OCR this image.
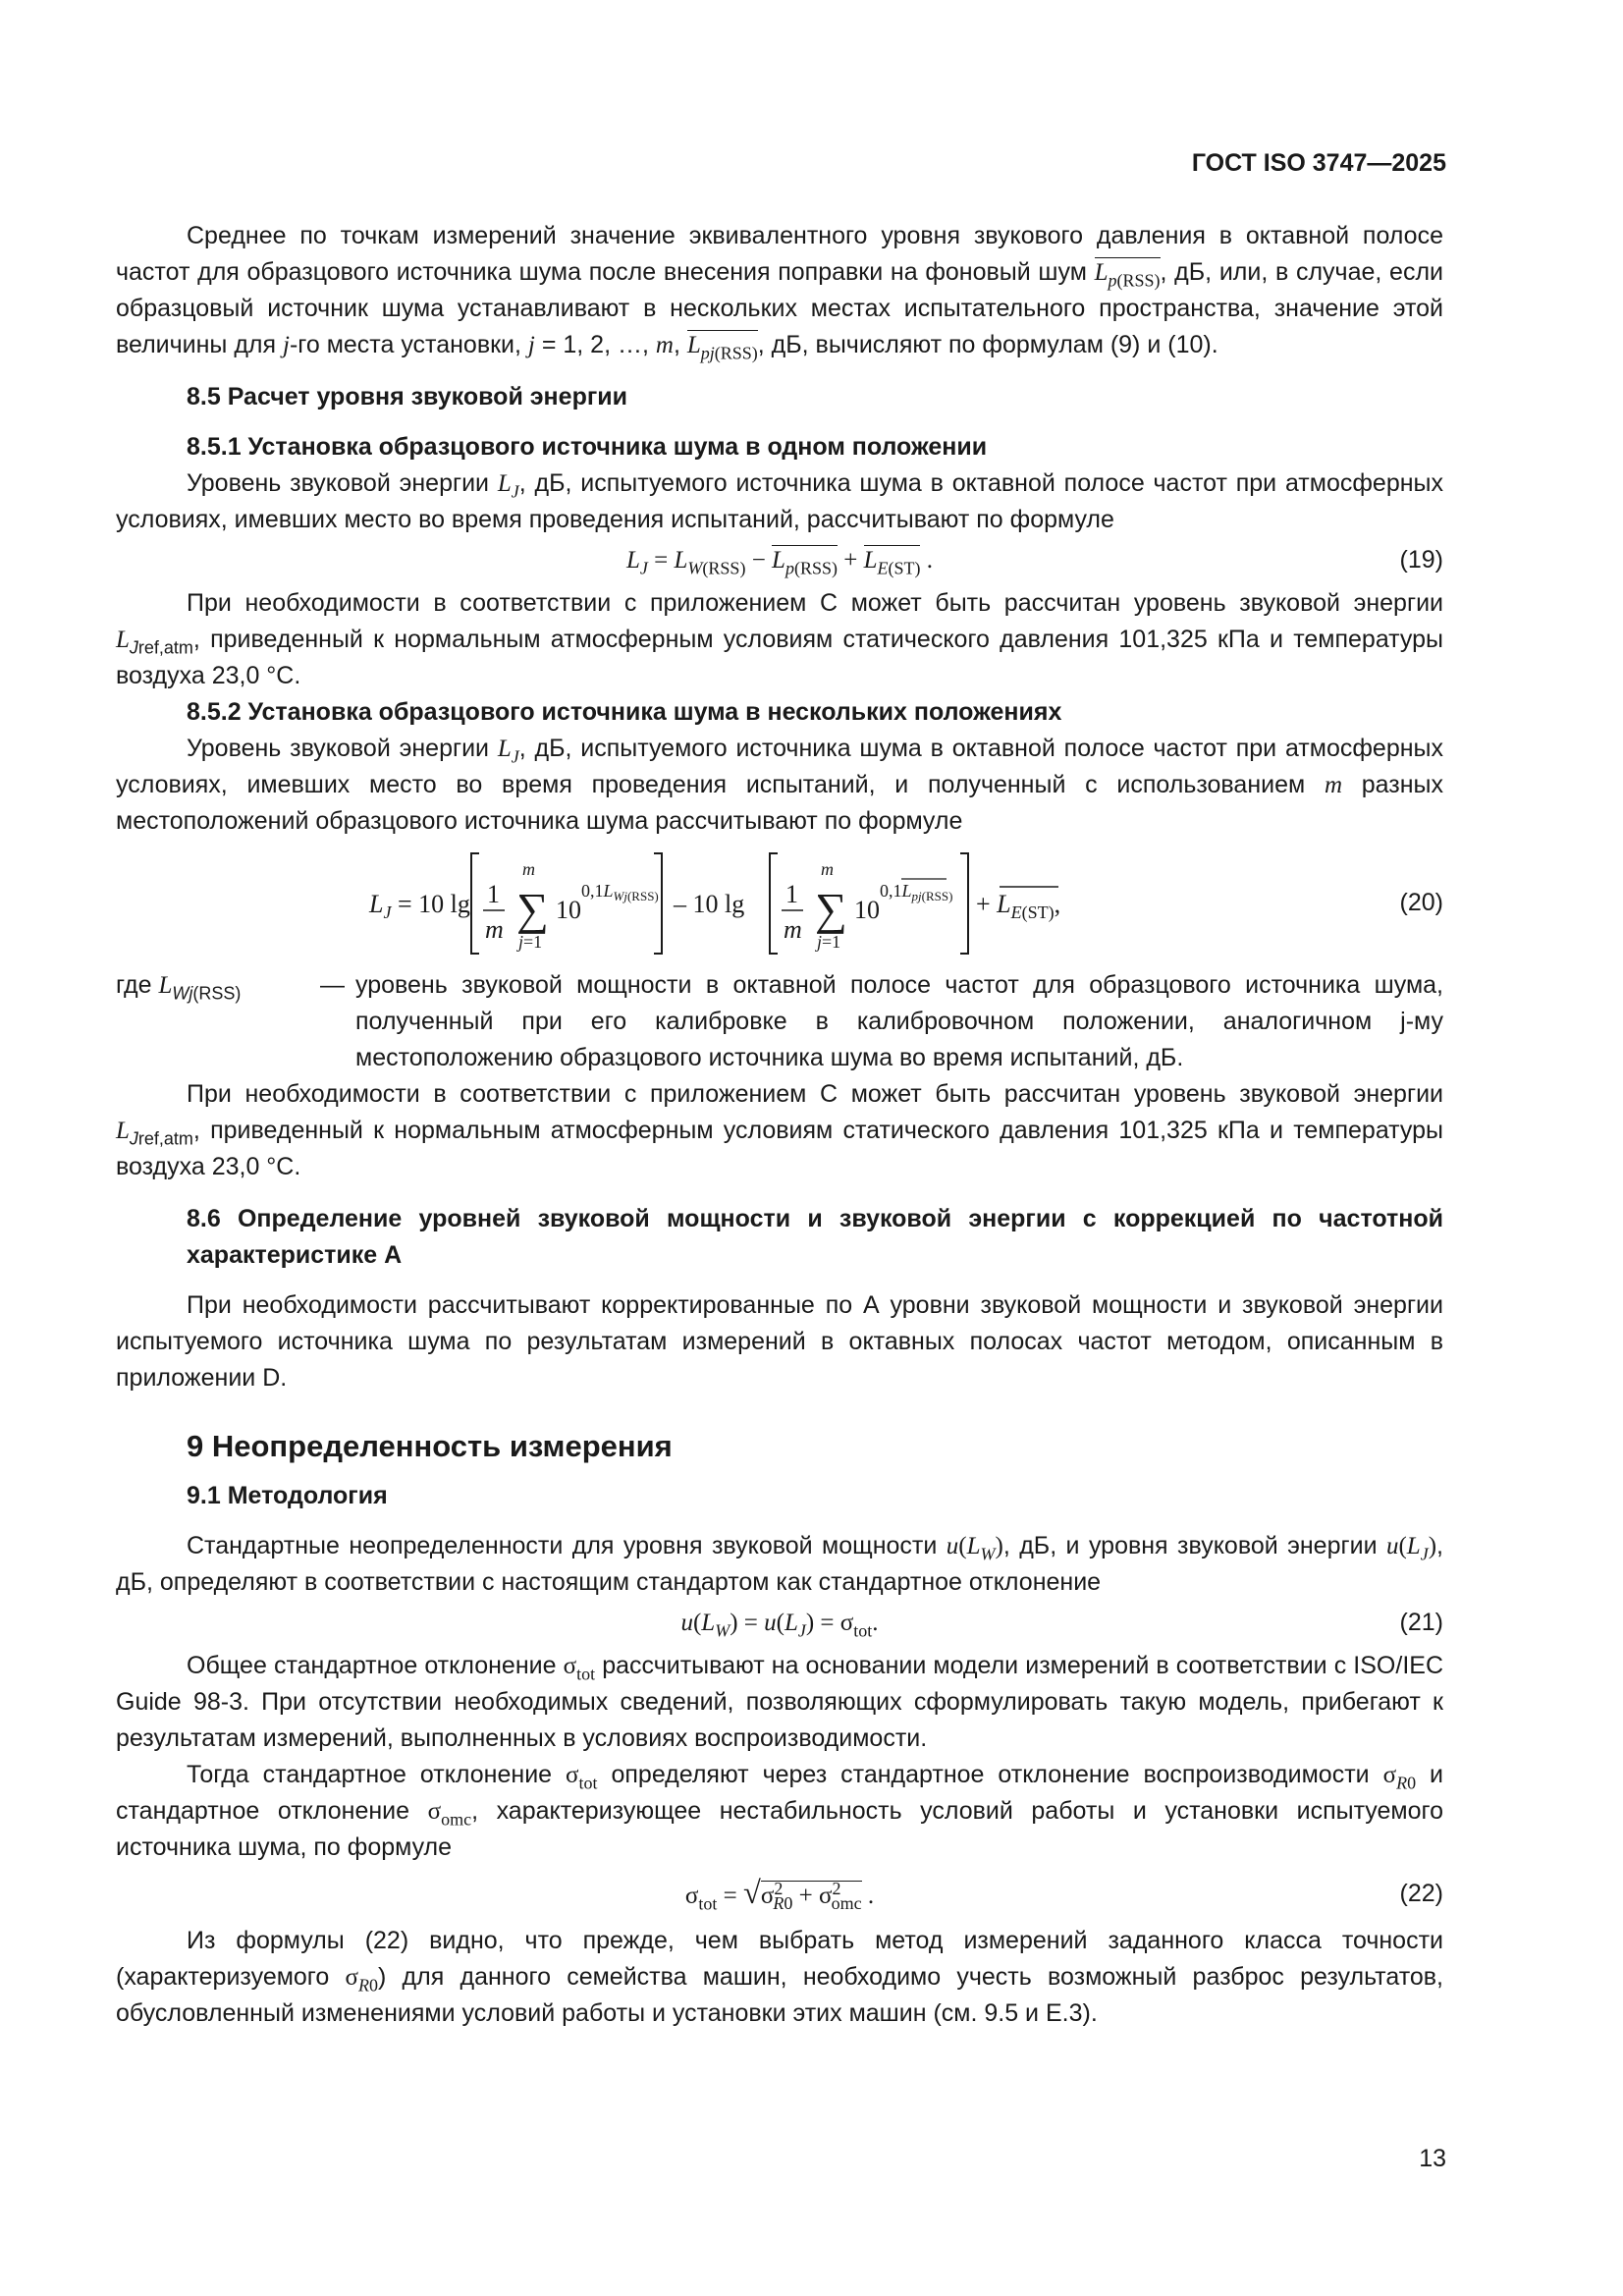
ГОСТ ISO 3747—2025

Среднее по точкам измерений значение эквивалентного уровня звукового давления в октавной полосе частот для образцового источника шума после внесения поправки на фоновый шум $L_{p(RSS)}$, дБ, или, в случае, если образцовый источник шума устанавливают в нескольких местах испытательного пространства, значение этой величины для j-го места установки, j = 1, 2, …, m, $L_{pj(RSS)}$, дБ, вычисляют по формулам (9) и (10).

8.5 Расчет уровня звуковой энергии

8.5.1 Установка образцового источника шума в одном положении

Уровень звуковой энергии $L_J$, дБ, испытуемого источника шума в октавной полосе частот при атмосферных условиях, имевших место во время проведения испытаний, рассчитывают по формуле

$L_J = L_{W(RSS)} - L_{p(RSS)} + L_{E(ST)}$ .	(19)

При необходимости в соответствии с приложением С может быть рассчитан уровень звуковой энергии $L_{Jref,atm}$, приведенный к нормальным атмосферным условиям статического давления 101,325 кПа и температуры воздуха 23,0 °С.

8.5.2 Установка образцового источника шума в нескольких положениях

Уровень звуковой энергии $L_J$, дБ, испытуемого источника шума в октавной полосе частот при атмосферных условиях, имевших место во время проведения испытаний, и полученный с использованием m разных местоположений образцового источника шума рассчитывают по формуле

$L_J = 10$ lg 1
m
m
∑
j=1
10
$0,1L_{Wj(RSS)} - 10$ lg 1
m
m
∑
j=1
10
$0,1L_{pj(RSS)} + L_{E(ST)}$,	(20)
где $L_{Wj(RSS)}$	— уровень звуковой мощности в октавной полосе частот для образцового источника шума, полученный при его калибровке в калибровочном положении, аналогичном j-му местоположению образцового источника шума во время испытаний, дБ.

При необходимости в соответствии с приложением С может быть рассчитан уровень звуковой энергии $L_{Jref,atm}$, приведенный к нормальным атмосферным условиям статического давления 101,325 кПа и температуры воздуха 23,0 °С.

8.6 Определение уровней звуковой мощности и звуковой энергии с коррекцией по частотной характеристике А

При необходимости рассчитывают корректированные по А уровни звуковой мощности и звуковой энергии испытуемого источника шума по результатам измерений в октавных полосах частот методом, описанным в приложении D.

9 Неопределенность измерения

9.1 Методология

Стандартные неопределенности для уровня звуковой мощности $u(L_W)$, дБ, и уровня звуковой энергии $u(L_J)$, дБ, определяют в соответствии с настоящим стандартом как стандартное отклонение

$u(L_W) = u(L_J) = \sigma_{tot}$.	(21)

Общее стандартное отклонение $\sigma_{tot}$ рассчитывают на основании модели измерений в соответствии с ISO/IEC Guide 98-3. При отсутствии необходимых сведений, позволяющих сформулировать такую модель, прибегают к результатам измерений, выполненных в условиях воспроизводимости.

Тогда стандартное отклонение $\sigma_{tot}$ определяют через стандартное отклонение воспроизводимости $\sigma_{R0}$ и стандартное отклонение $\sigma_{omc}$, характеризующее нестабильность условий работы и установки испытуемого источника шума, по формуле

$\sigma_{tot} = √\sigma^2_{R0} + \sigma^2_{omc}$ .	(22)

Из формулы (22) видно, что прежде, чем выбрать метод измерений заданного класса точности (характеризуемого $\sigma_{R0}$) для данного семейства машин, необходимо учесть возможный разброс результатов, обусловленный изменениями условий работы и установки этих машин (см. 9.5 и Е.3).

13
